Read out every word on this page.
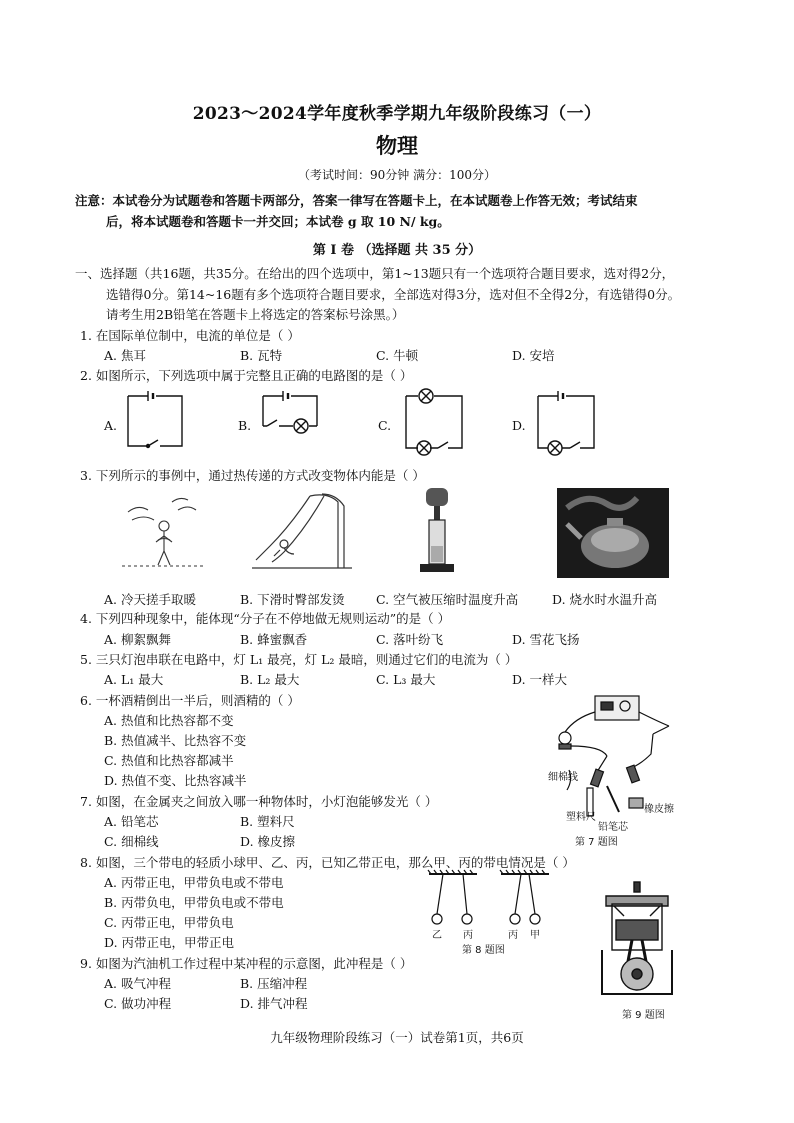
2023～2024学年度秋季学期九年级阶段练习（一）
物理
（考试时间：90分钟 满分：100分）
注意：本试卷分为试题卷和答题卡两部分，答案一律写在答题卡上，在本试题卷上作答无效；考试结束
后，将本试题卷和答题卡一并交回；本试卷 g 取 10 N/ kg。
第 I 卷 （选择题 共 35 分）
一、选择题（共16题，共35分。在给出的四个选项中，第1~13题只有一个选项符合题目要求，选对得2分，
选错得0分。第14~16题有多个选项符合题目要求，全部选对得3分，选对但不全得2分，有选错得0分。
请考生用2B铅笔在答题卡上将选定的答案标号涂黑。）
1. 在国际单位制中，电流的单位是（ ）
A. 焦耳	B. 瓦特	C. 牛顿	D. 安培
2. 如图所示，下列选项中属于完整且正确的电路图的是（ ）
A.	B.	C.	D.
3. 下列所示的事例中，通过热传递的方式改变物体内能是（ ）
A. 冷天搓手取暖	B. 下滑时臀部发烫	C. 空气被压缩时温度升高	D. 烧水时水温升高
4. 下列四种现象中，能体现“分子在不停地做无规则运动”的是（ ）
A. 柳絮飘舞	B. 蜂蜜飘香	C. 落叶纷飞	D. 雪花飞扬
5. 三只灯泡串联在电路中，灯 L₁ 最亮，灯 L₂ 最暗，则通过它们的电流为（ ）
A. L₁ 最大	B. L₂ 最大	C. L₃ 最大	D. 一样大
6. 一杯酒精倒出一半后，则酒精的（ ）
A. 热值和比热容都不变
B. 热值减半、比热容不变
C. 热值和比热容都减半
D. 热值不变、比热容减半
7. 如图，在金属夹之间放入哪一种物体时，小灯泡能够发光（ ）
A. 铅笔芯	B. 塑料尺
C. 细棉线	D. 橡皮擦
细棉线
塑料尺
铅笔芯
橡皮擦
第 7 题图
8. 如图，三个带电的轻质小球甲、乙、丙，已知乙带正电，那么甲、丙的带电情况是（ ）
A. 丙带正电，甲带负电或不带电
B. 丙带负电，甲带负电或不带电
C. 丙带正电，甲带负电
D. 丙带正电，甲带正电	乙 丙	丙 甲
第 8 题图
9. 如图为汽油机工作过程中某冲程的示意图，此冲程是（ ）
A. 吸气冲程	B. 压缩冲程
C. 做功冲程	D. 排气冲程
第 9 题图
九年级物理阶段练习（一）试卷第1页，共6页
